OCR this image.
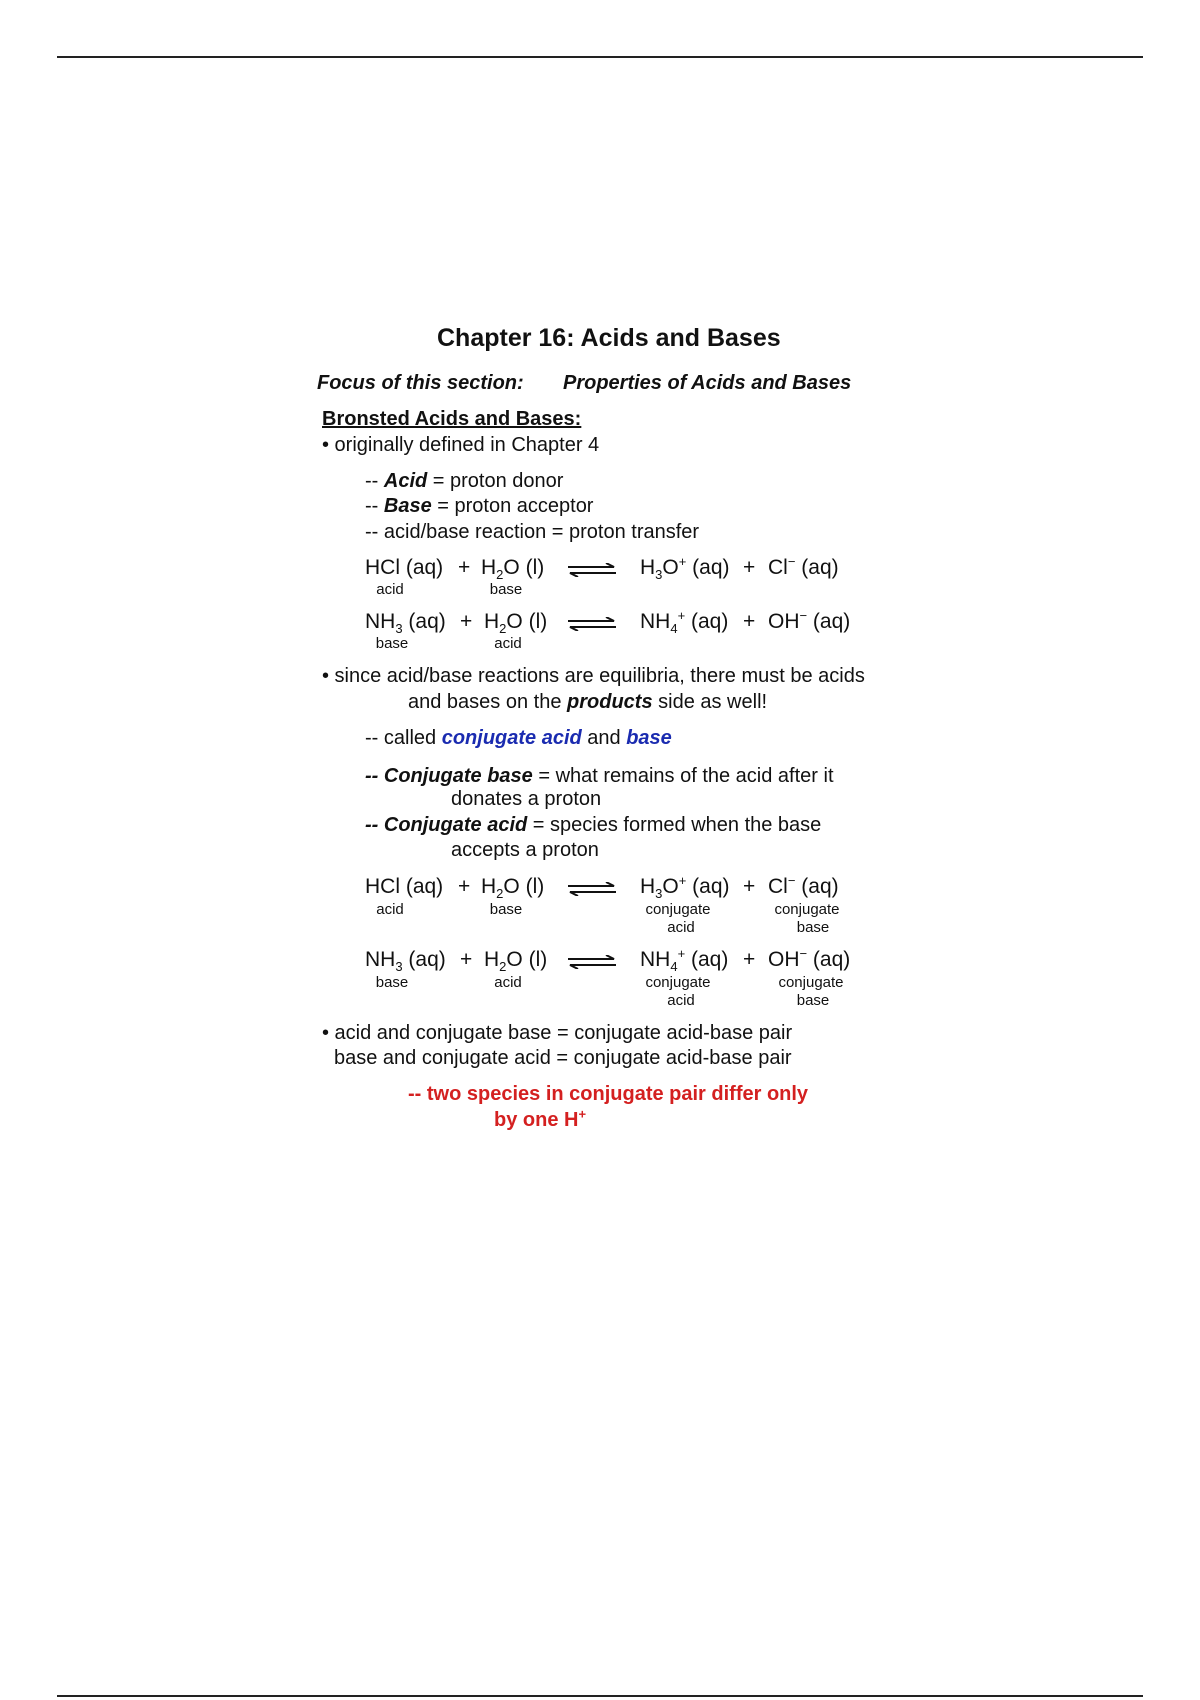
Chapter 16: Acids and Bases
Focus of this section: Properties of Acids and Bases
Bronsted Acids and Bases:
• originally defined in Chapter 4
-- Acid = proton donor
-- Base = proton acceptor
-- acid/base reaction = proton transfer
HCl $(aq) + H_2O$ (l) ⇌ $H_3O^+$ (aq) + Cl− (aq)
acid	base
$NH_3$ $(aq) + H_2O$ (l) ⇌ $NH_4^+$ (aq) + OH− (aq)
base	acid
• since acid/base reactions are equilibria, there must be acids
and bases on the products side as well!
-- called conjugate acid and base
-- Conjugate base = what remains of the acid after it
donates a proton
-- Conjugate acid = species formed when the base
accepts a proton
HCl $(aq) + H_2O$ (l) ⇌ $H_3O^+$ (aq) + Cl− (aq)
acid	base	conjugate
acid
conjugate
base
$NH_3$ $(aq) + H_2O$ (l) ⇌ $NH_4^+$ (aq) + OH− (aq)
base	acid	conjugate
acid
conjugate
base
• acid and conjugate base = conjugate acid-base pair
base and conjugate acid = conjugate acid-base pair
-- two species in conjugate pair differ only
by one H+
